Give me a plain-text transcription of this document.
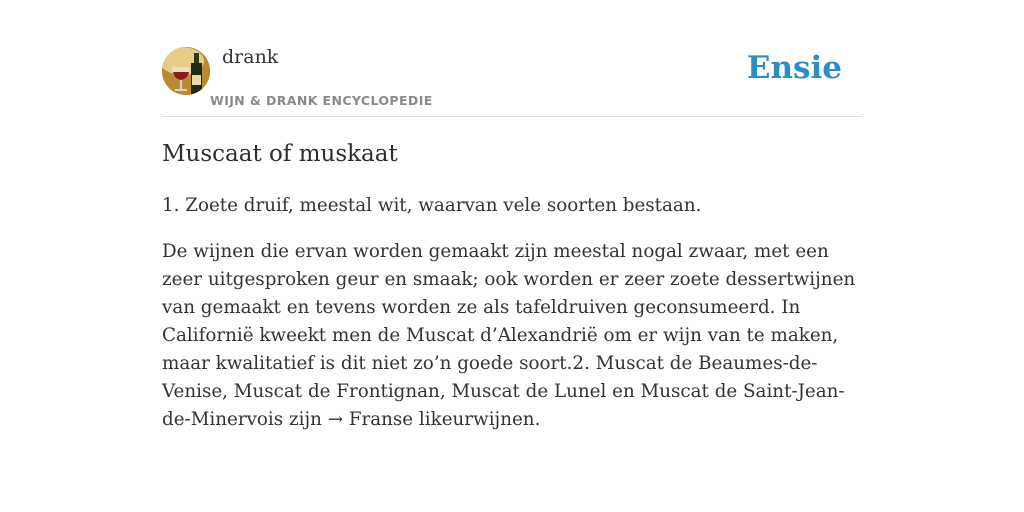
drank
WIJN & DRANK ENCYCLOPEDIE
Ensie
Muscaat of muskaat

1. Zoete druif, meestal wit, waarvan vele soorten bestaan.

De wijnen die ervan worden gemaakt zijn meestal nogal zwaar, met een zeer uitgesproken geur en smaak; ook worden er zeer zoete dessertwijnen van gemaakt en tevens worden ze als tafeldruiven geconsumeerd. In Californië kweekt men de Muscat d’Alexandrië om er wijn van te maken, maar kwalitatief is dit niet zo’n goede soort.2. Muscat de Beaumes-de-Venise, Muscat de Frontignan, Muscat de Lunel en Muscat de Saint-Jean-de-Minervois zijn → Franse likeurwijnen.
